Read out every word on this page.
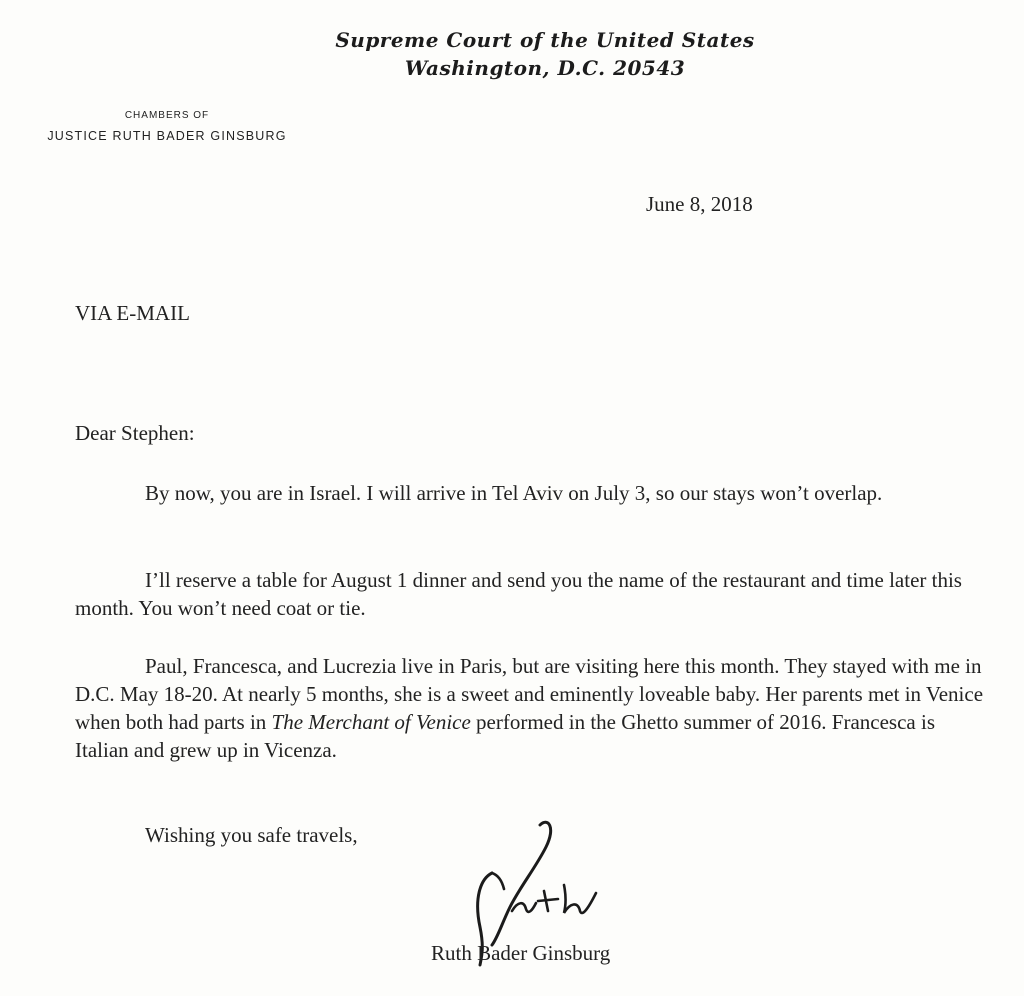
Supreme Court of the United States
Washington, D.C. 20543
CHAMBERS OF
JUSTICE RUTH BADER GINSBURG
June 8, 2018
VIA E-MAIL
Dear Stephen:

By now, you are in Israel. I will arrive in Tel Aviv on July 3, so our stays won’t overlap.

I’ll reserve a table for August 1 dinner and send you the name of the restaurant and time later this month. You won’t need coat or tie.

Paul, Francesca, and Lucrezia live in Paris, but are visiting here this month. They stayed with me in D.C. May 18-20. At nearly 5 months, she is a sweet and eminently loveable baby. Her parents met in Venice when both had parts in The Merchant of Venice performed in the Ghetto summer of 2016. Francesca is Italian and grew up in Vicenza.

Wishing you safe travels,
Ruth Bader Ginsburg
